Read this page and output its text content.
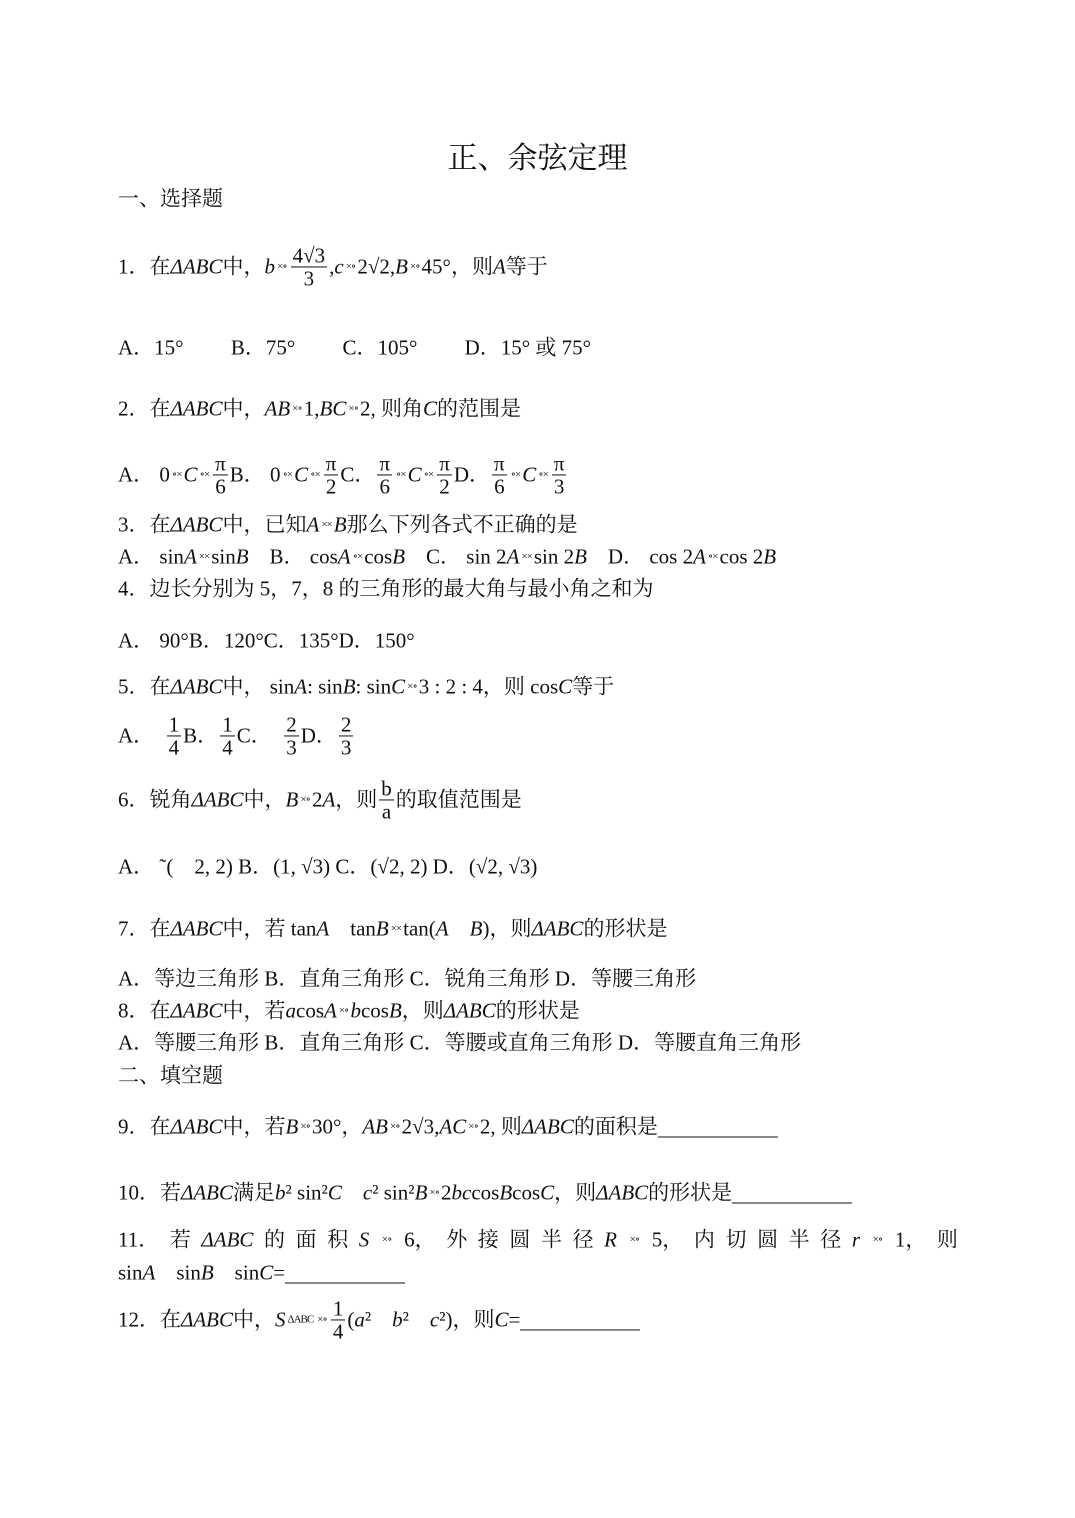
正、余弦定理
一、选择题
1．在 ΔABC 中， b ×∘ $\frac{4√3}{3}$ , c ×∘ 2√2, B ×∘ 45°，则 A 等于
A．15°　　 B．75°　　 C．105°　　 D．15° 或 75°
2．在 ΔABC 中， AB ×∘ 1, BC ×∘ 2, 则角 C 的范围是
A． 0 ∘× C ∘× $\frac{\pi}{6}$ B． 0 ∘× C ∘× $\frac{\pi}{2}$ C． $\frac{\pi}{6}$ ∘× C ∘× $\frac{\pi}{2}$ D． $\frac{\pi}{6}$ ∘× C ∘× $\frac{\pi}{3}$
3．在 ΔABC 中，已知 A ×× B 那么下列各式不正确的是
A． sin A ×× sin B 　B． cos A ∘× cos B 　C． sin 2 A ×× sin 2 B 　D． cos 2 A ∘× cos 2 B
4．边长分别为 5，7，8 的三角形的最大角与最小角之和为
A． 90°B．120°C．135°D．150°
5．在 ΔABC 中， sin A : sin B : sin C ×∘ 3 : 2 : 4，则 cos C 等于
A．　 $\frac{1}{4}$ B． $\frac{1}{4}$ C．　 $\frac{2}{3}$ D． $\frac{2}{3}$
6．锐角 ΔABC 中， B ×∘ 2 A ，则 $\frac{b}{a}$ 的取值范围是
A． ˜(　2, 2) B．(1, √3) C．(√2, 2) D．(√2, √3)
7．在 ΔABC 中，若 tan A 　tan B ×× tan( A
　 B )，则 ΔABC 的形状是
A．等边三角形 B．直角三角形 C．锐角三角形 D．等腰三角形
8．在 ΔABC 中，若 a cos A ×∘ b cos B ，则 ΔABC 的形状是
A．等腰三角形 B．直角三角形 C．等腰或直角三角形 D．等腰直角三角形
二、填空题
9．在 ΔABC 中，若 B ×∘ 30°， AB ×∘ 2√3, AC ×∘ 2, 则 ΔABC 的面积是
10．若 ΔABC 满足 b ² sin² C
　 c ² sin² B ×∘ 2 bc cos B cos C ，则 ΔABC 的形状是
11． 若 ΔABC 的 面 积 S ×∘ 6， 外 接 圆 半 径 R ×∘ 5， 内 切 圆 半 径 r ×∘ 1， 则
sin A 　sin B 　sin C =
12．在 ΔABC 中， S ΔABC ×∘ $\frac{1}{4}$ ( a ²　 b ²　 c ²)，则 C =
